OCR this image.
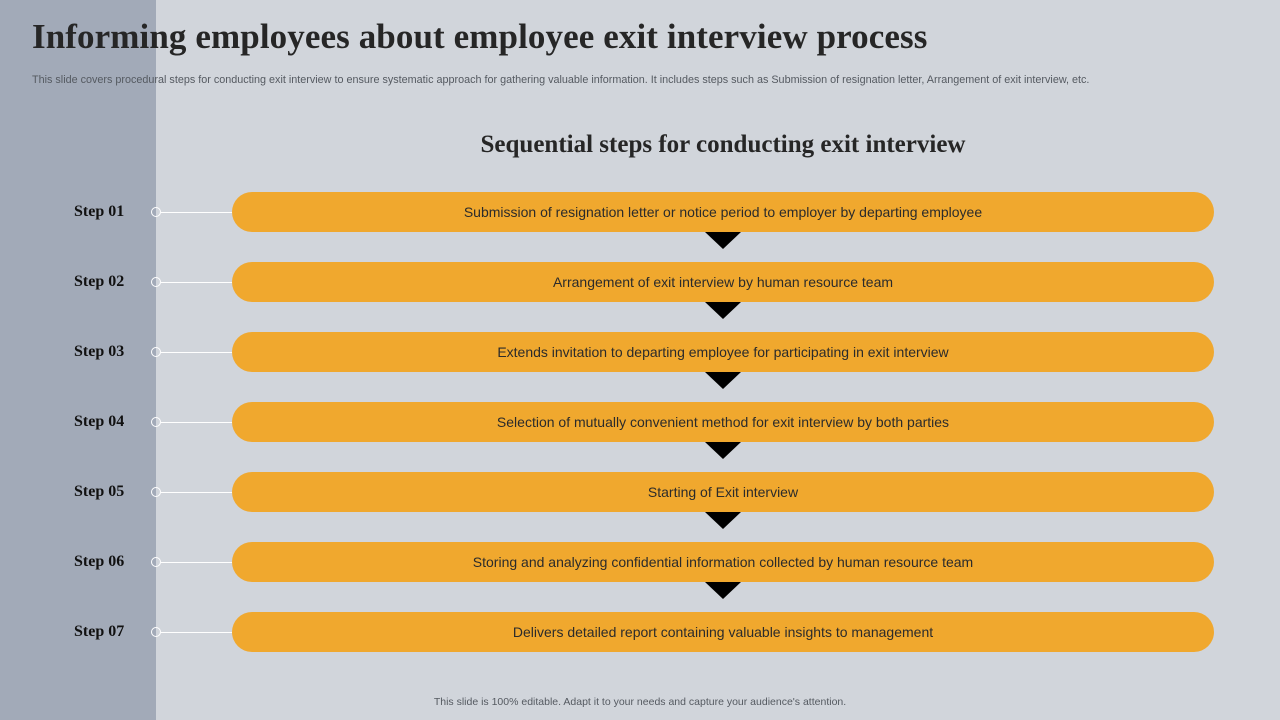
Informing employees about employee exit interview process

This slide covers procedural steps for conducting exit interview to ensure systematic approach for gathering valuable information. It includes steps such as Submission of resignation letter, Arrangement of exit interview, etc.

Sequential steps for conducting exit interview
Step 01	Submission of resignation letter or notice period to employer by departing employee
Step 02	Arrangement of exit interview by human resource team
Step 03	Extends invitation to departing employee for participating in exit interview
Step 04	Selection of mutually convenient method for exit interview by both parties
Step 05	Starting of Exit interview
Step 06	Storing and analyzing confidential information collected by human resource team
Step 07	Delivers detailed report containing valuable insights to management

This slide is 100% editable. Adapt it to your needs and capture your audience's attention.
